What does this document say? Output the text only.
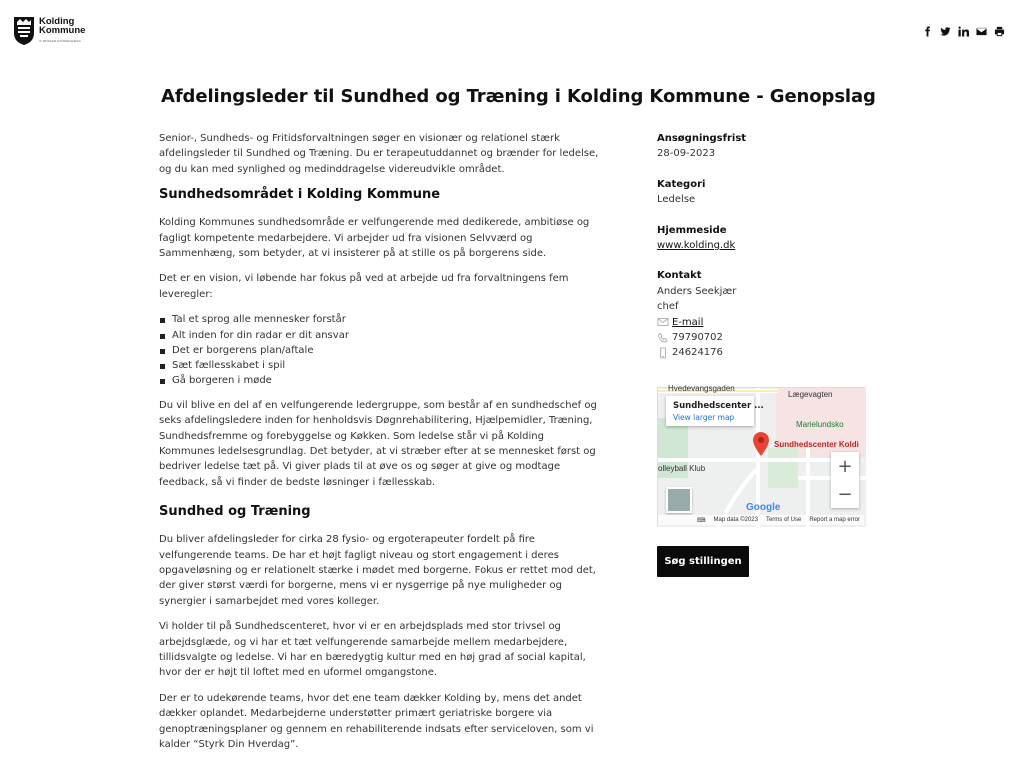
Kolding
Kommune
VI ØNSKER SAMMENHÆNG
Afdelingsleder til Sundhed og Træning i Kolding Kommune - Genopslag

Senior-, Sundheds- og Fritidsforvaltningen søger en visionær og relationel stærk afdelingsleder til Sundhed og Træning. Du er terapeutuddannet og brænder for ledelse, og du kan med synlighed og medinddragelse videreudvikle området.

Sundhedsområdet i Kolding Kommune

Kolding Kommunes sundhedsområde er velfungerende med dedikerede, ambitiøse og fagligt kompetente medarbejdere. Vi arbejder ud fra visionen Selvværd og Sammenhæng, som betyder, at vi insisterer på at stille os på borgerens side.

Det er en vision, vi løbende har fokus på ved at arbejde ud fra forvaltningens fem leveregler:

Tal et sprog alle mennesker forstår
Alt inden for din radar er dit ansvar
Det er borgerens plan/aftale
Sæt fællesskabet i spil
Gå borgeren i møde

Du vil blive en del af en velfungerende ledergruppe, som består af en sundhedschef og seks afdelingsledere inden for henholdsvis Døgnrehabilitering, Hjælpemidler, Træning, Sundhedsfremme og forebyggelse og Køkken. Som ledelse står vi på Kolding Kommunes ledelsesgrundlag. Det betyder, at vi stræber efter at se mennesket først og bedriver ledelse tæt på. Vi giver plads til at øve os og søger at give og modtage feedback, så vi finder de bedste løsninger i fællesskab.

Sundhed og Træning

Du bliver afdelingsleder for cirka 28 fysio- og ergoterapeuter fordelt på fire velfungerende teams. De har et højt fagligt niveau og stort engagement i deres opgaveløsning og er relationelt stærke i mødet med borgerne. Fokus er rettet mod det, der giver størst værdi for borgerne, mens vi er nysgerrige på nye muligheder og synergier i samarbejdet med vores kolleger.

Vi holder til på Sundhedscenteret, hvor vi er en arbejdsplads med stor trivsel og arbejdsglæde, og vi har et tæt velfungerende samarbejde mellem medarbejdere, tillidsvalgte og ledelse. Vi har en bæredygtig kultur med en høj grad af social kapital, hvor der er højt til loftet med en uformel omgangstone.

Der er to udekørende teams, hvor det ene team dækker Kolding by, mens det andet dækker oplandet. Medarbejderne understøtter primært geriatriske borgere via genoptræningsplaner og gennem en rehabiliterende indsats efter serviceloven, som vi kalder “Styrk Din Hverdag”.

Ansøgningsfrist
28-09-2023
Kategori
Ledelse
Hjemmeside
www.kolding.dk
Kontakt
Anders Seekjær
chef
E-mail
79790702
24624176
Hvedevangsgaden
Lægevagten
Marielundsko
Sundhedscenter Koldi
olleyball Klub
Sundhedscenter ...
View larger map
+
−
Google
⌨ Map data ©2023 Terms of Use Report a map error
Søg stillingen
